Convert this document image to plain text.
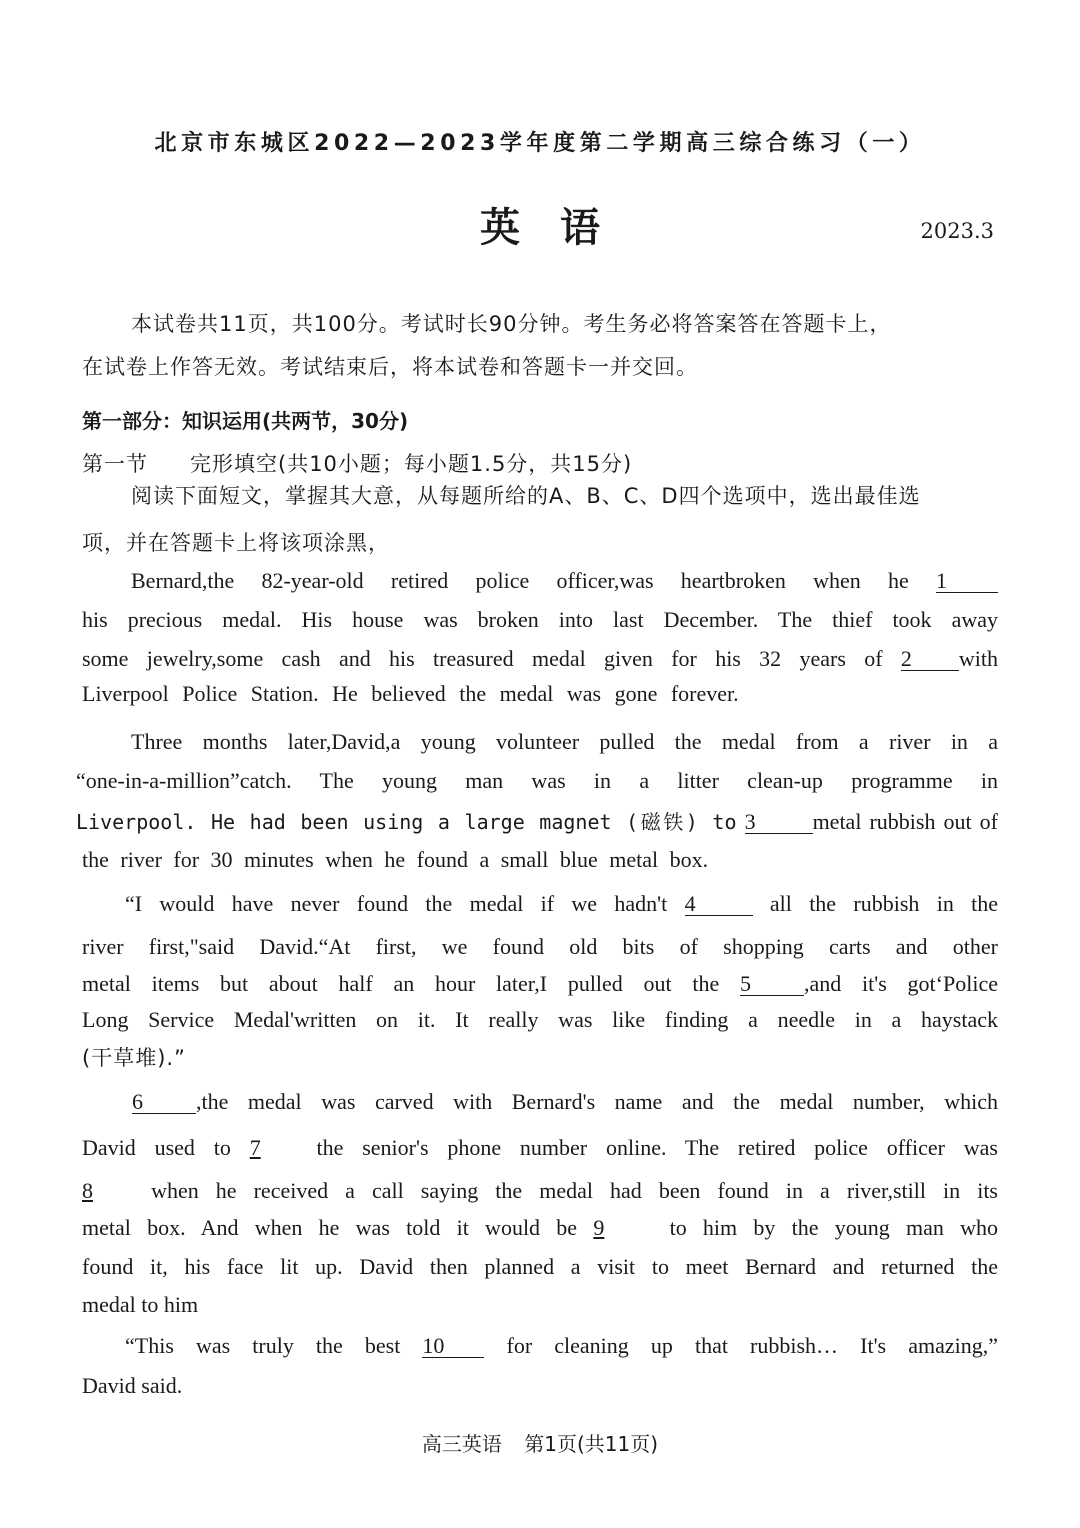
北京市东城区2022—2023学年度第二学期高三综合练习（一）
英语	2023.3
本试卷共11页，共100分。考试时长90分钟。考生务必将答案答在答题卡上，
在试卷上作答无效。考试结束后，将本试卷和答题卡一并交回。
第一部分：知识运用(共两节，30分)
第一节 完形填空(共10小题；每小题1.5分，共15分)
阅读下面短文，掌握其大意，从每题所给的A、B、C、D四个选项中，选出最佳选
项，并在答题卡上将该项涂黑，
Bernard,the 82-year-old retired police officer,was heartbroken when he 1
his precious medal. His house was broken into last December. The thief took away
some jewelry,some cash and his treasured medal given for his 32 years of 2 with
Liverpool Police Station. He believed the medal was gone forever.
Three months later,David,a young volunteer pulled the medal from a river in a
“one-in-a-million”catch. The young man was in a litter clean-up programme in
Liverpool. He had been using a large magnet (磁铁) to 3	metal rubbish out of
the river for 30 minutes when he found a small blue metal box.
“I would have never found the medal if we hadn't 4	all the rubbish in the
river first,"said David.“At first, we found old bits of shopping carts and other
metal items but about half an hour later,I pulled out the 5 ,and it's got‘Police
Long Service Medal'written on it. It really was like finding a needle in a haystack
(干草堆).”
6 ,the medal was carved with Bernard's name and the medal number, which
David used to 7	the senior's phone number online. The retired police officer was
8	when he received a call saying the medal had been found in a river,still in its
metal box. And when he was told it would be 9	to him by the young man who
found it, his face lit up. David then planned a visit to meet Bernard and returned the
medal to him
“This was truly the best 10	for cleaning up that rubbish… It's amazing,”
David said.
高三英语 第1页(共11页)
